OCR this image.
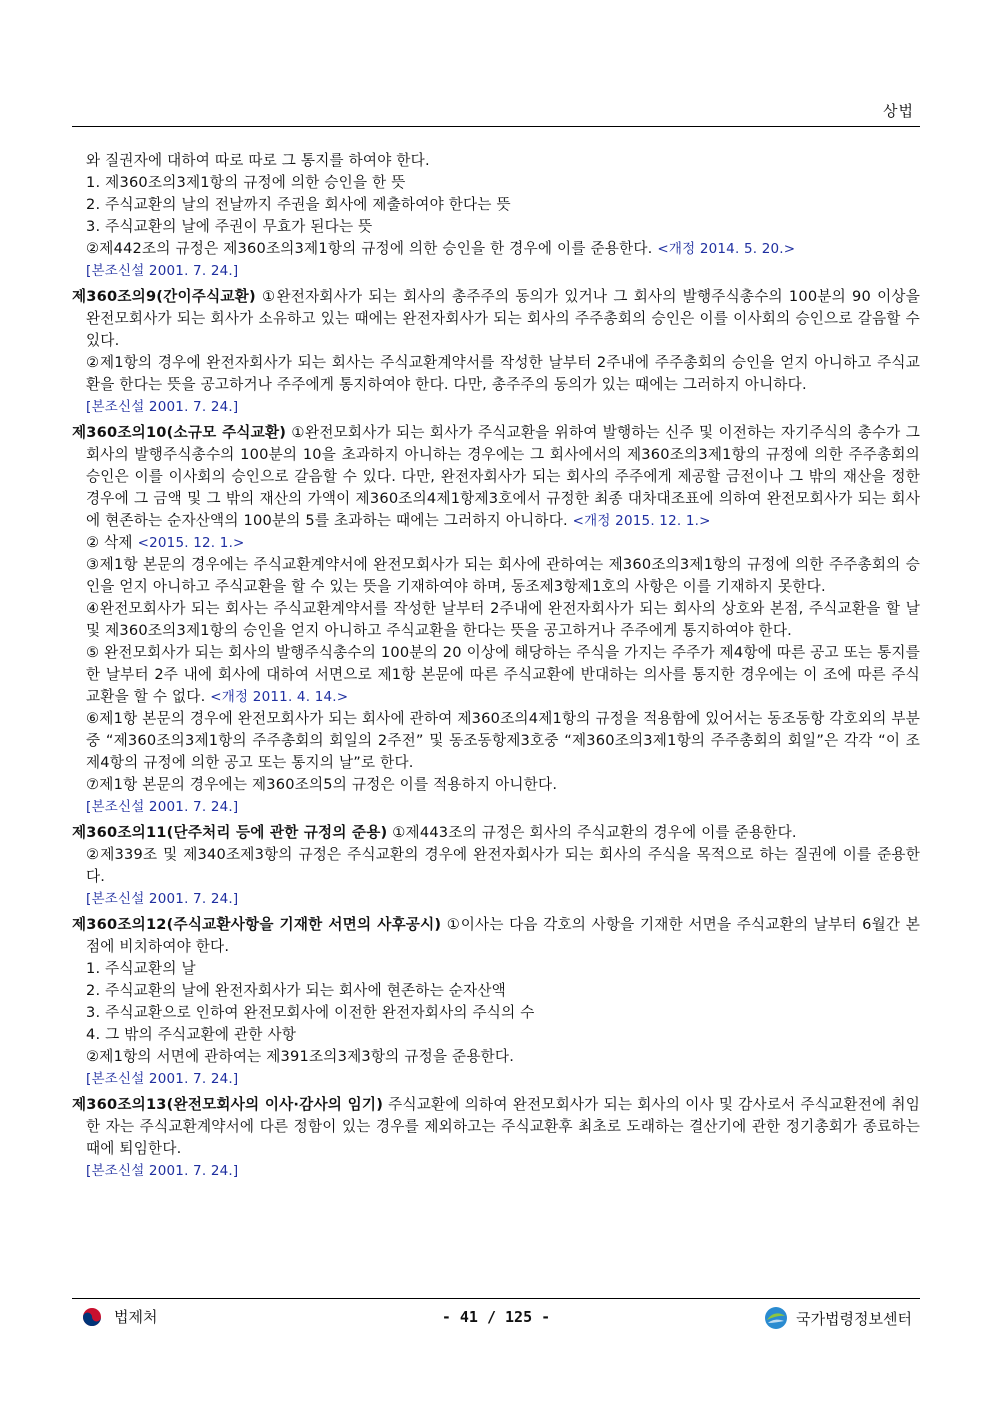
상법

와 질권자에 대하여 따로 따로 그 통지를 하여야 한다.

1. 제360조의3제1항의 규정에 의한 승인을 한 뜻

2. 주식교환의 날의 전날까지 주권을 회사에 제출하여야 한다는 뜻

3. 주식교환의 날에 주권이 무효가 된다는 뜻

②제442조의 규정은 제360조의3제1항의 규정에 의한 승인을 한 경우에 이를 준용한다. <개정 2014. 5. 20.>

[본조신설 2001. 7. 24.]

제360조의9(간이주식교환) ①완전자회사가 되는 회사의 총주주의 동의가 있거나 그 회사의 발행주식총수의 100분의 90 이상을 완전모회사가 되는 회사가 소유하고 있는 때에는 완전자회사가 되는 회사의 주주총회의 승인은 이를 이사회의 승인으로 갈음할 수 있다.

②제1항의 경우에 완전자회사가 되는 회사는 주식교환계약서를 작성한 날부터 2주내에 주주총회의 승인을 얻지 아니하고 주식교환을 한다는 뜻을 공고하거나 주주에게 통지하여야 한다. 다만, 총주주의 동의가 있는 때에는 그러하지 아니하다.

[본조신설 2001. 7. 24.]

제360조의10(소규모 주식교환) ①완전모회사가 되는 회사가 주식교환을 위하여 발행하는 신주 및 이전하는 자기주식의 총수가 그 회사의 발행주식총수의 100분의 10을 초과하지 아니하는 경우에는 그 회사에서의 제360조의3제1항의 규정에 의한 주주총회의 승인은 이를 이사회의 승인으로 갈음할 수 있다. 다만, 완전자회사가 되는 회사의 주주에게 제공할 금전이나 그 밖의 재산을 정한 경우에 그 금액 및 그 밖의 재산의 가액이 제360조의4제1항제3호에서 규정한 최종 대차대조표에 의하여 완전모회사가 되는 회사에 현존하는 순자산액의 100분의 5를 초과하는 때에는 그러하지 아니하다. <개정 2015. 12. 1.>

② 삭제 <2015. 12. 1.>

③제1항 본문의 경우에는 주식교환계약서에 완전모회사가 되는 회사에 관하여는 제360조의3제1항의 규정에 의한 주주총회의 승인을 얻지 아니하고 주식교환을 할 수 있는 뜻을 기재하여야 하며, 동조제3항제1호의 사항은 이를 기재하지 못한다.

④완전모회사가 되는 회사는 주식교환계약서를 작성한 날부터 2주내에 완전자회사가 되는 회사의 상호와 본점, 주식교환을 할 날 및 제360조의3제1항의 승인을 얻지 아니하고 주식교환을 한다는 뜻을 공고하거나 주주에게 통지하여야 한다.

⑤ 완전모회사가 되는 회사의 발행주식총수의 100분의 20 이상에 해당하는 주식을 가지는 주주가 제4항에 따른 공고 또는 통지를 한 날부터 2주 내에 회사에 대하여 서면으로 제1항 본문에 따른 주식교환에 반대하는 의사를 통지한 경우에는 이 조에 따른 주식교환을 할 수 없다. <개정 2011. 4. 14.>

⑥제1항 본문의 경우에 완전모회사가 되는 회사에 관하여 제360조의4제1항의 규정을 적용함에 있어서는 동조동항 각호외의 부분중 “제360조의3제1항의 주주총회의 회일의 2주전” 및 동조동항제3호중 “제360조의3제1항의 주주총회의 회일”은 각각 “이 조제4항의 규정에 의한 공고 또는 통지의 날”로 한다.

⑦제1항 본문의 경우에는 제360조의5의 규정은 이를 적용하지 아니한다.

[본조신설 2001. 7. 24.]

제360조의11(단주처리 등에 관한 규정의 준용) ①제443조의 규정은 회사의 주식교환의 경우에 이를 준용한다.

②제339조 및 제340조제3항의 규정은 주식교환의 경우에 완전자회사가 되는 회사의 주식을 목적으로 하는 질권에 이를 준용한다.

[본조신설 2001. 7. 24.]

제360조의12(주식교환사항을 기재한 서면의 사후공시) ①이사는 다음 각호의 사항을 기재한 서면을 주식교환의 날부터 6월간 본점에 비치하여야 한다.

1. 주식교환의 날

2. 주식교환의 날에 완전자회사가 되는 회사에 현존하는 순자산액

3. 주식교환으로 인하여 완전모회사에 이전한 완전자회사의 주식의 수

4. 그 밖의 주식교환에 관한 사항

②제1항의 서면에 관하여는 제391조의3제3항의 규정을 준용한다.

[본조신설 2001. 7. 24.]

제360조의13(완전모회사의 이사·감사의 임기) 주식교환에 의하여 완전모회사가 되는 회사의 이사 및 감사로서 주식교환전에 취임한 자는 주식교환계약서에 다른 정함이 있는 경우를 제외하고는 주식교환후 최초로 도래하는 결산기에 관한 정기총회가 종료하는 때에 퇴임한다.

[본조신설 2001. 7. 24.]

법제처	- 41 / 125 -	국가법령정보센터
